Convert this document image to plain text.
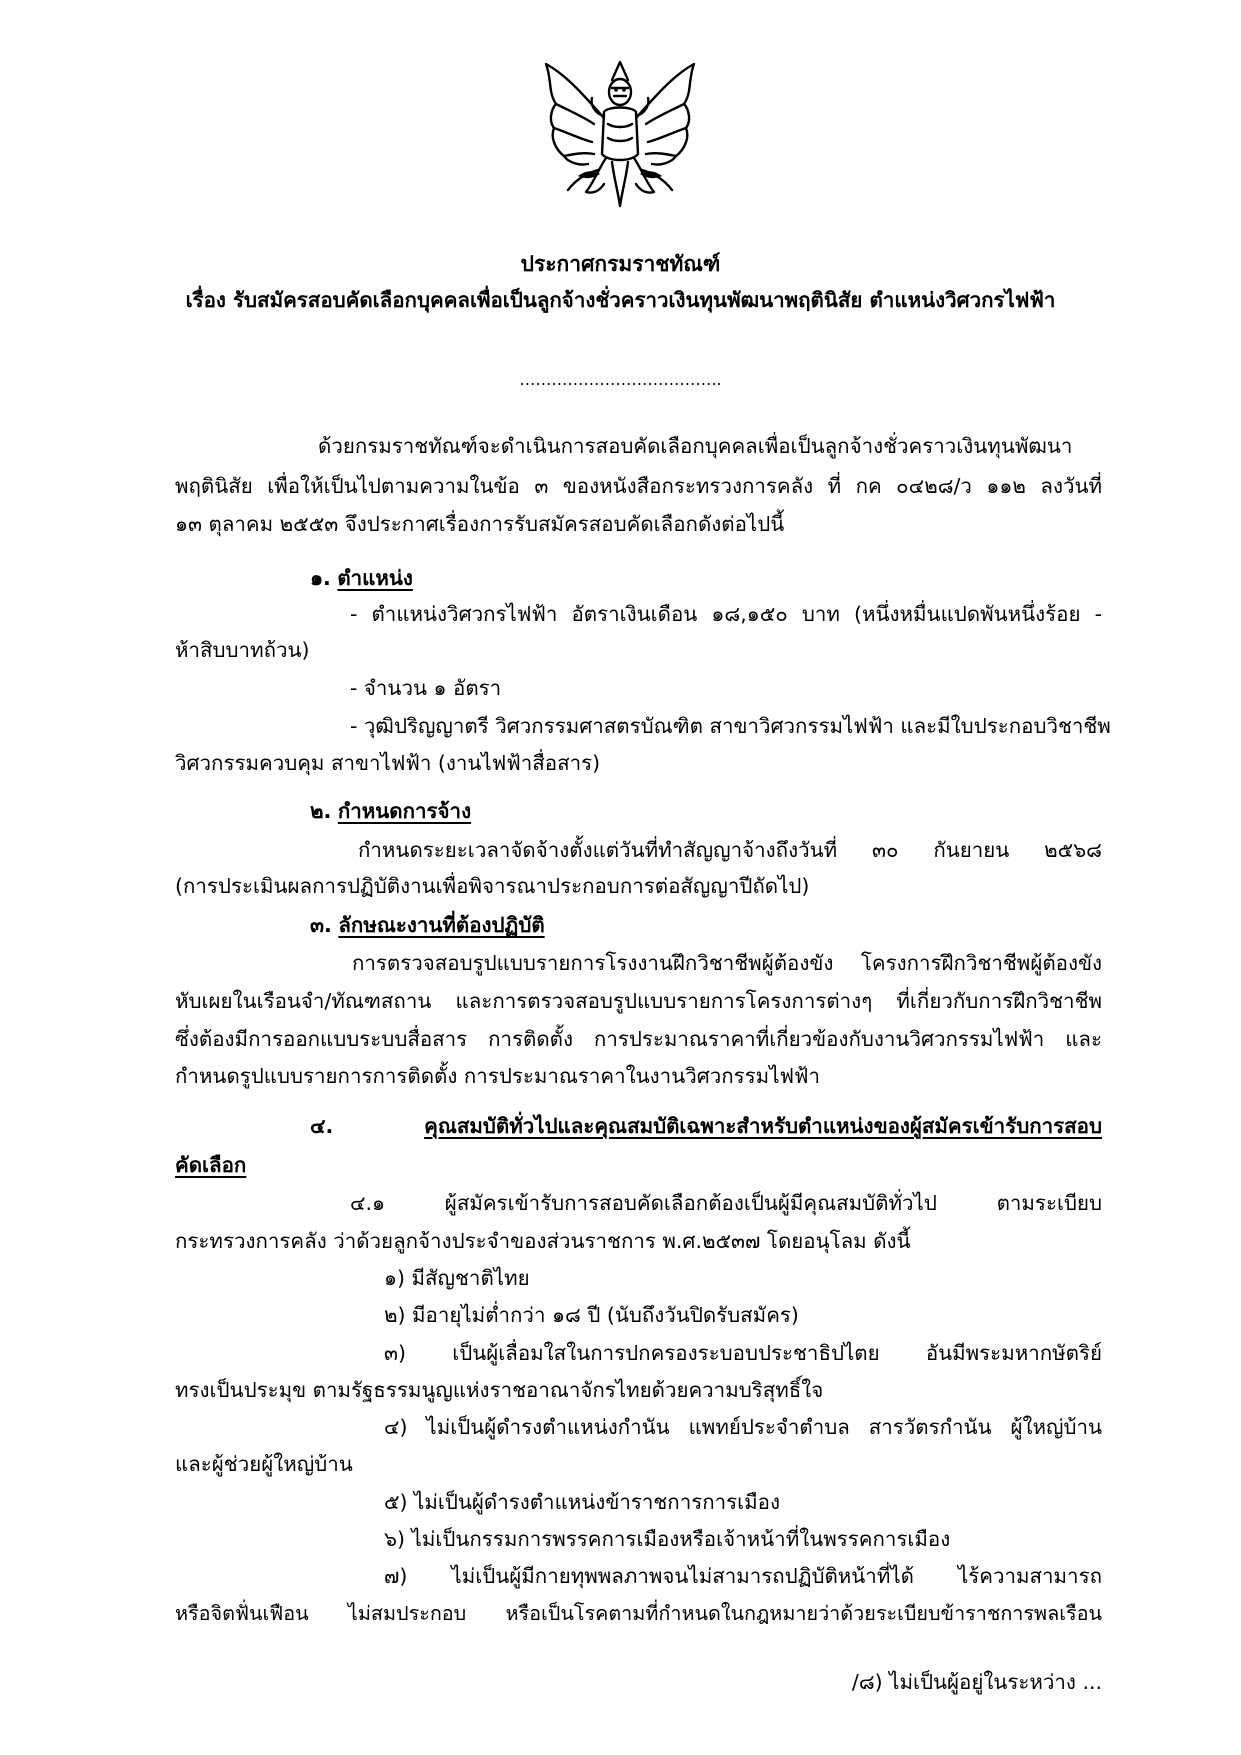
ประกาศกรมราชทัณฑ์
เรื่อง รับสมัครสอบคัดเลือกบุคคลเพื่อเป็นลูกจ้างชั่วคราวเงินทุนพัฒนาพฤตินิสัย ตำแหน่งวิศวกรไฟฟ้า
………………………………..
ด้วยกรมราชทัณฑ์จะดำเนินการสอบคัดเลือกบุคคลเพื่อเป็นลูกจ้างชั่วคราวเงินทุนพัฒนา
พฤตินิสัย เพื่อให้เป็นไปตามความในข้อ ๓ ของหนังสือกระทรวงการคลัง ที่ กค ๐๔๒๘/ว ๑๑๒ ลงวันที่
๑๓ ตุลาคม ๒๕๕๓ จึงประกาศเรื่องการรับสมัครสอบคัดเลือกดังต่อไปนี้
๑. ตำแหน่ง
- ตำแหน่งวิศวกรไฟฟ้า อัตราเงินเดือน ๑๘,๑๕๐ บาท (หนึ่งหมื่นแปดพันหนึ่งร้อย -
ห้าสิบบาทถ้วน)
- จำนวน ๑ อัตรา
- วุฒิปริญญาตรี วิศวกรรมศาสตรบัณฑิต สาขาวิศวกรรมไฟฟ้า และมีใบประกอบวิชาชีพ
วิศวกรรมควบคุม สาขาไฟฟ้า (งานไฟฟ้าสื่อสาร)
๒. กำหนดการจ้าง
กำหนดระยะเวลาจัดจ้างตั้งแต่วันที่ทำสัญญาจ้างถึงวันที่ ๓๐ กันยายน ๒๕๖๘
(การประเมินผลการปฏิบัติงานเพื่อพิจารณาประกอบการต่อสัญญาปีถัดไป)
๓. ลักษณะงานที่ต้องปฏิบัติ
การตรวจสอบรูปแบบรายการโรงงานฝึกวิชาชีพผู้ต้องขัง โครงการฝึกวิชาชีพผู้ต้องขัง
หับเผยในเรือนจำ/ทัณฑสถาน และการตรวจสอบรูปแบบรายการโครงการต่างๆ ที่เกี่ยวกับการฝึกวิชาชีพ
ซึ่งต้องมีการออกแบบระบบสื่อสาร การติดตั้ง การประมาณราคาที่เกี่ยวข้องกับงานวิศวกรรมไฟฟ้า และ
กำหนดรูปแบบรายการการติดตั้ง การประมาณราคาในงานวิศวกรรมไฟฟ้า
๔.	คุณสมบัติทั่วไปและคุณสมบัติเฉพาะสำหรับตำแหน่งของผู้สมัครเข้ารับการสอบ
คัดเลือก
๔.๑ ผู้สมัครเข้ารับการสอบคัดเลือกต้องเป็นผู้มีคุณสมบัติทั่วไป ตามระเบียบ
กระทรวงการคลัง ว่าด้วยลูกจ้างประจำของส่วนราชการ พ.ศ.๒๕๓๗ โดยอนุโลม ดังนี้
๑) มีสัญชาติไทย
๒) มีอายุไม่ต่ำกว่า ๑๘ ปี (นับถึงวันปิดรับสมัคร)
๓) เป็นผู้เลื่อมใสในการปกครองระบอบประชาธิปไตย อันมีพระมหากษัตริย์
ทรงเป็นประมุข ตามรัฐธรรมนูญแห่งราชอาณาจักรไทยด้วยความบริสุทธิ์ใจ
๔) ไม่เป็นผู้ดำรงตำแหน่งกำนัน แพทย์ประจำตำบล สารวัตรกำนัน ผู้ใหญ่บ้าน
และผู้ช่วยผู้ใหญ่บ้าน
๕) ไม่เป็นผู้ดำรงตำแหน่งข้าราชการการเมือง
๖) ไม่เป็นกรรมการพรรคการเมืองหรือเจ้าหน้าที่ในพรรคการเมือง
๗) ไม่เป็นผู้มีกายทุพพลภาพจนไม่สามารถปฏิบัติหน้าที่ได้ ไร้ความสามารถ
หรือจิตฟั่นเฟือน ไม่สมประกอบ หรือเป็นโรคตามที่กำหนดในกฎหมายว่าด้วยระเบียบข้าราชการพลเรือน
/๘) ไม่เป็นผู้อยู่ในระหว่าง ...
